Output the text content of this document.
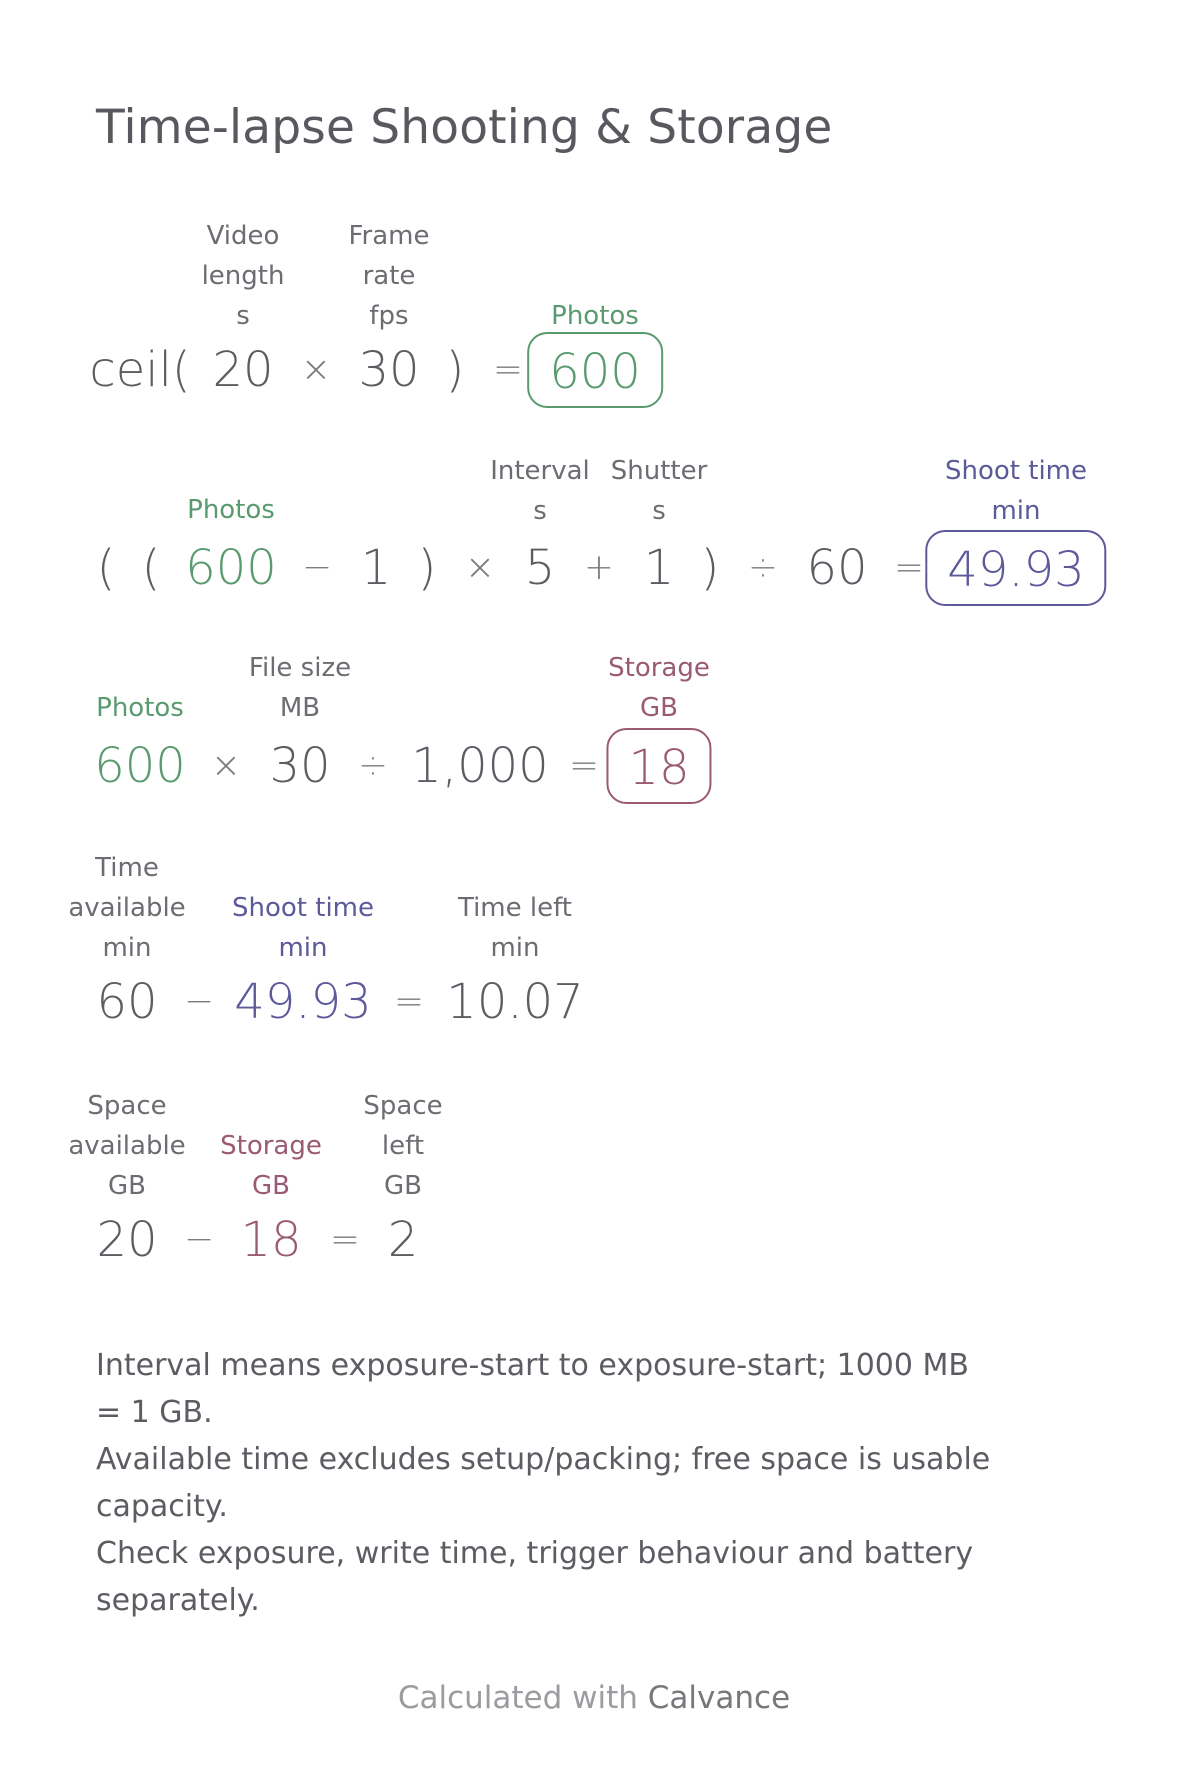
Time-lapse Shooting & Storage
Video
length
s
Frame
rate
fps	Photos
ceil( 20 × 30 ) = 600
Photos
Interval
s
Shutter
s
Shoot time
min
( ( 600 − 1 ) × 5 + 1 ) ÷ 60 = 49.93
Photos
File size
MB
Storage
GB
600 × 30 ÷ 1,000 = 18
Time
available
min
Shoot time
min
Time left
min
60 − 49.93 = 10.07
Space
available
GB
Storage
GB
Space
left
GB
20 − 18 = 2

Interval means exposure-start to exposure-start; 1000 MB = 1 GB.

Available time excludes setup/packing; free space is usable capacity.

Check exposure, write time, trigger behaviour and battery separately.

Calculated with Calvance
